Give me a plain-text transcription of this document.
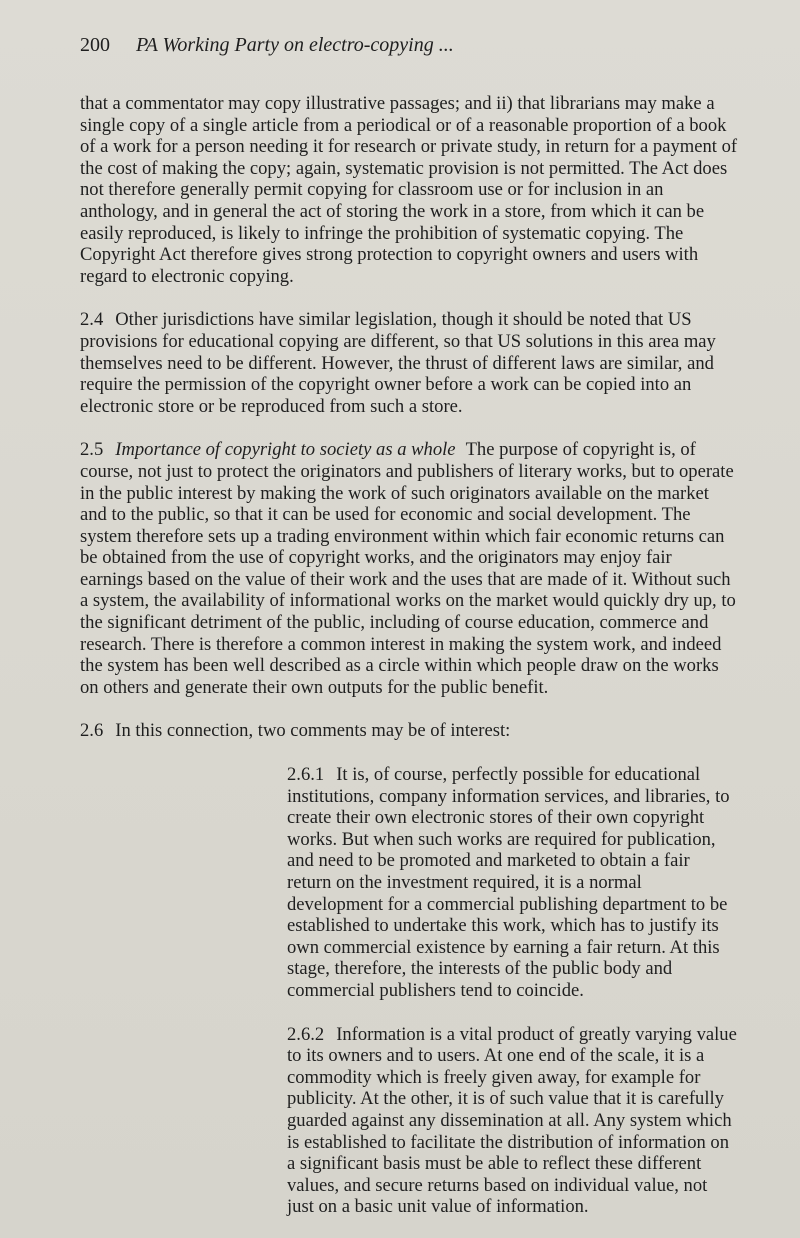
200	PA Working Party on electro-copying ...

that a commentator may copy illustrative passages; and ii) that librarians may make a single copy of a single article from a periodical or of a reasonable proportion of a book of a work for a person needing it for research or private study, in return for a payment of the cost of making the copy; again, systematic provision is not permitted. The Act does not therefore generally permit copying for classroom use or for inclusion in an anthology, and in general the act of storing the work in a store, from which it can be easily reproduced, is likely to infringe the prohibition of systematic copying. The Copyright Act therefore gives strong protection to copyright owners and users with regard to electronic copying.

2.4 Other jurisdictions have similar legislation, though it should be noted that US provisions for educational copying are different, so that US solutions in this area may themselves need to be different. However, the thrust of different laws are similar, and require the permission of the copyright owner before a work can be copied into an electronic store or be reproduced from such a store.

2.5 Importance of copyright to society as a whole The purpose of copyright is, of course, not just to protect the originators and publishers of literary works, but to operate in the public interest by making the work of such originators available on the market and to the public, so that it can be used for economic and social development. The system therefore sets up a trading environment within which fair economic returns can be obtained from the use of copyright works, and the originators may enjoy fair earnings based on the value of their work and the uses that are made of it. Without such a system, the availability of informational works on the market would quickly dry up, to the significant detriment of the public, including of course education, commerce and research. There is therefore a common interest in making the system work, and indeed the system has been well described as a circle within which people draw on the works on others and generate their own outputs for the public benefit.

2.6 In this connection, two comments may be of interest:

2.6.1 It is, of course, perfectly possible for educational institutions, company information services, and libraries, to create their own electronic stores of their own copyright works. But when such works are required for publication, and need to be promoted and marketed to obtain a fair return on the investment required, it is a normal development for a commercial publishing department to be established to undertake this work, which has to justify its own commercial existence by earning a fair return. At this stage, therefore, the interests of the public body and commercial publishers tend to coincide.

2.6.2 Information is a vital product of greatly varying value to its owners and to users. At one end of the scale, it is a commodity which is freely given away, for example for publicity. At the other, it is of such value that it is carefully guarded against any dissemination at all. Any system which is established to facilitate the distribution of information on a significant basis must be able to reflect these different values, and secure returns based on individual value, not just on a basic unit value of information.
